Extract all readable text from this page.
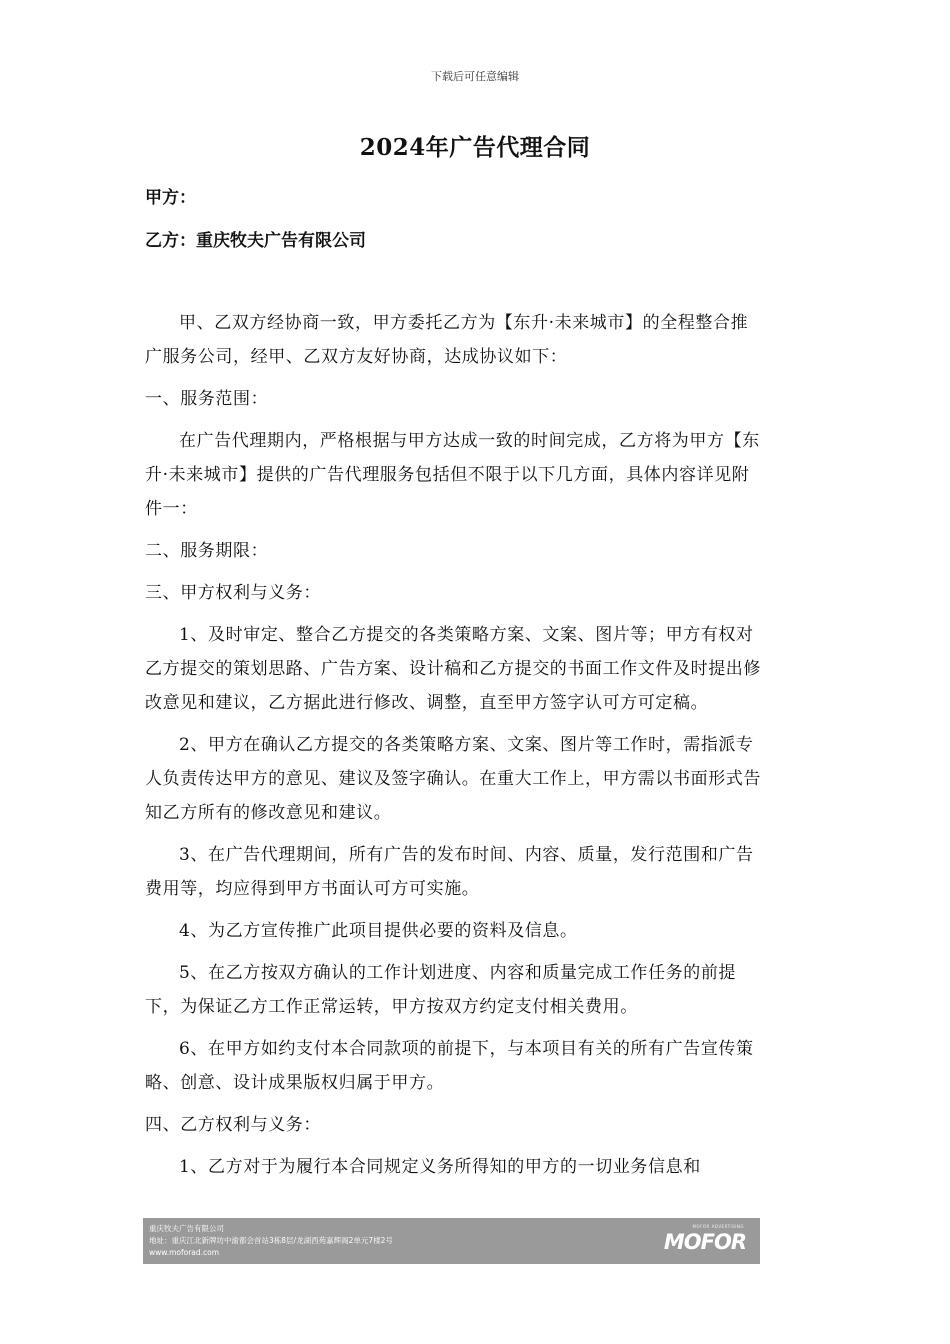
下载后可任意编辑
2024年广告代理合同
甲方：
乙方：重庆牧夫广告有限公司

甲、乙双方经协商一致，甲方委托乙方为【东升·未来城市】的全程整合推广服务公司，经甲、乙双方友好协商，达成协议如下：

一、服务范围：

在广告代理期内，严格根据与甲方达成一致的时间完成，乙方将为甲方【东升·未来城市】提供的广告代理服务包括但不限于以下几方面，具体内容详见附件一：

二、服务期限：

三、甲方权利与义务：

1、及时审定、整合乙方提交的各类策略方案、文案、图片等；甲方有权对乙方提交的策划思路、广告方案、设计稿和乙方提交的书面工作文件及时提出修改意见和建议，乙方据此进行修改、调整，直至甲方签字认可方可定稿。

2、甲方在确认乙方提交的各类策略方案、文案、图片等工作时，需指派专人负责传达甲方的意见、建议及签字确认。在重大工作上，甲方需以书面形式告知乙方所有的修改意见和建议。

3、在广告代理期间，所有广告的发布时间、内容、质量，发行范围和广告费用等，均应得到甲方书面认可方可实施。

4、为乙方宣传推广此项目提供必要的资料及信息。

5、在乙方按双方确认的工作计划进度、内容和质量完成工作任务的前提下，为保证乙方工作正常运转，甲方按双方约定支付相关费用。

6、在甲方如约支付本合同款项的前提下，与本项目有关的所有广告宣传策略、创意、设计成果版权归属于甲方。

四、乙方权利与义务：

1、乙方对于为履行本合同规定义务所得知的甲方的一切业务信息和

重庆牧夫广告有限公司
地址：重庆江北新牌坊中渝都会首站3栋8层/龙湖西苑嘉辉阁2单元7楼2号
www.moforad.com
MOFOR ADVERTISING
MOFOR
